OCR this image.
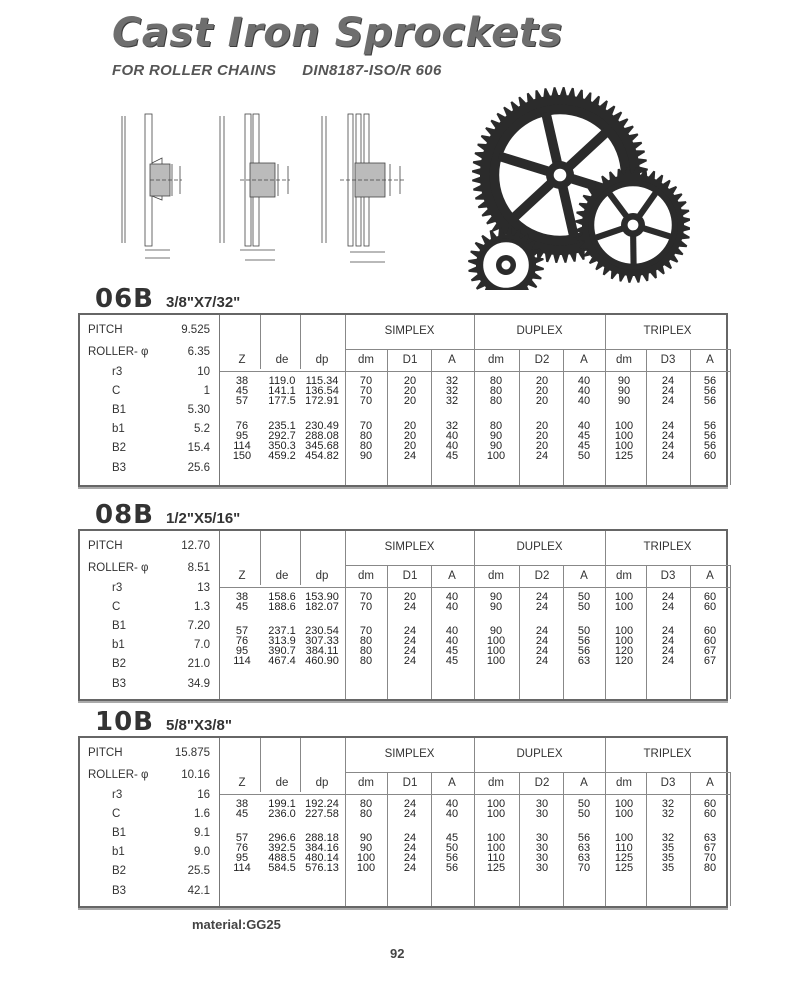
Cast Iron Sprockets
FOR ROLLER CHAINS DIN8187-ISO/R 606
06B 3/8"X7/32"
PITCH	9.525
ROLLER- φ	6.35
r3	10
C	1
B1	5.30
b1	5.2
B2	15.4
B3	25.6
SIMPLEX	DUPLEX	TRIPLEX
Z	de	dp	dm	D1	A	dm	D2	A	dm	D3	A
38	119.0 115.34	70	20	32	80	20	40	90	24	56
45	141.1 136.54	70	20	32	80	20	40	90	24	56
57	177.5 172.91	70	20	32	80	20	40	90	24	56
76	235.1 230.49	70	20	32	80	20	40	100	24	56
95	292.7 288.08	80	20	40	90	20	45	100	24	56
114	350.3 345.68	80	20	40	90	20	45	100	24	56
150	459.2 454.82	90	24	45	100	24	50	125	24	60
08B 1/2"X5/16"
PITCH	12.70
ROLLER- φ	8.51
r3	13
C	1.3
B1	7.20
b1	7.0
B2	21.0
B3	34.9
SIMPLEX	DUPLEX	TRIPLEX
Z	de	dp	dm	D1	A	dm	D2	A	dm	D3	A
38	158.6 153.90	70	20	40	90	24	50	100	24	60
45	188.6 182.07	70	24	40	90	24	50	100	24	60
57	237.1 230.54	70	24	40	90	24	50	100	24	60
76	313.9 307.33	80	24	40	100	24	56	100	24	60
95	390.7 384.11	80	24	45	100	24	56	120	24	67
114	467.4 460.90	80	24	45	100	24	63	120	24	67
10B 5/8"X3/8"
PITCH	15.875
ROLLER- φ	10.16
r3	16
C	1.6
B1	9.1
b1	9.0
B2	25.5
B3	42.1
SIMPLEX	DUPLEX	TRIPLEX
Z	de	dp	dm	D1	A	dm	D2	A	dm	D3	A
38	199.1 192.24	80	24	40	100	30	50	100	32	60
45	236.0 227.58	80	24	40	100	30	50	100	32	60
57	296.6 288.18	90	24	45	100	30	56	100	32	63
76	392.5 384.16	90	24	50	100	30	63	110	35	67
95	488.5 480.14	100	24	56	110	30	63	125	35	70
114	584.5 576.13	100	24	56	125	30	70	125	35	80
material:GG25
92
